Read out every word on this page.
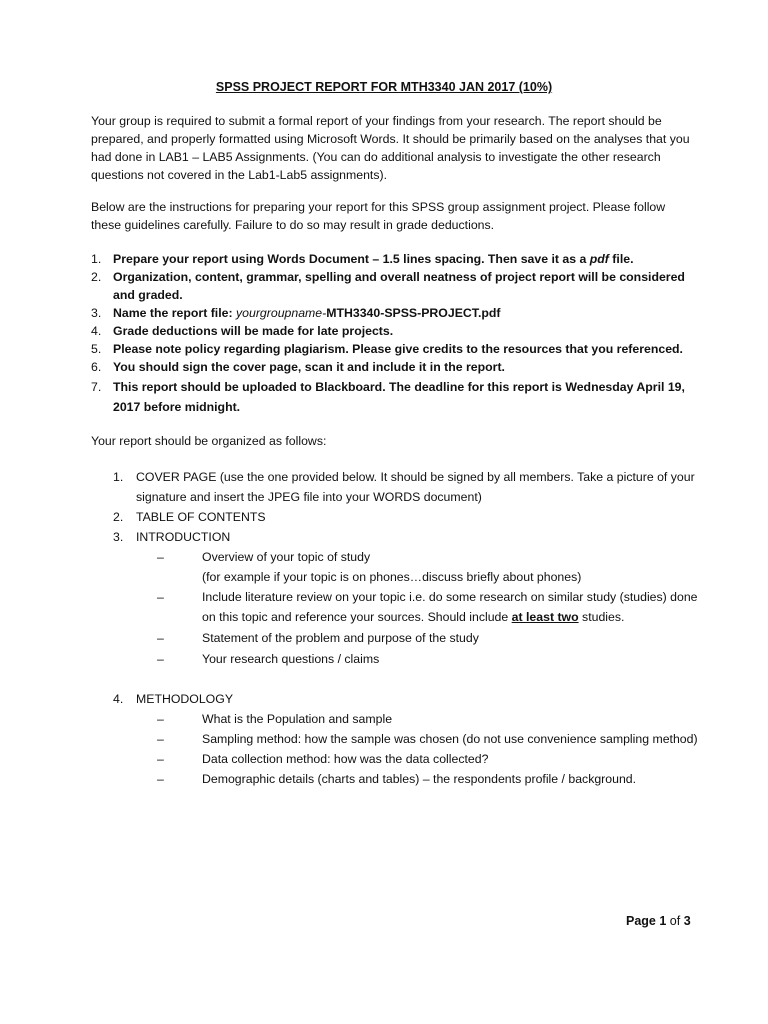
SPSS PROJECT REPORT FOR MTH3340 JAN 2017 (10%)

Your group is required to submit a formal report of your findings from your research. The report should be prepared, and properly formatted using Microsoft Words. It should be primarily based on the analyses that you had done in LAB1 – LAB5 Assignments. (You can do additional analysis to investigate the other research questions not covered in the Lab1-Lab5 assignments).

Below are the instructions for preparing your report for this SPSS group assignment project. Please follow these guidelines carefully. Failure to do so may result in grade deductions.

1. Prepare your report using Words Document – 1.5 lines spacing. Then save it as a pdf file.
2. Organization, content, grammar, spelling and overall neatness of project report will be considered and graded.
3. Name the report file: yourgroupname-MTH3340-SPSS-PROJECT.pdf
4. Grade deductions will be made for late projects.
5. Please note policy regarding plagiarism. Please give credits to the resources that you referenced.
6. You should sign the cover page, scan it and include it in the report.
7. This report should be uploaded to Blackboard. The deadline for this report is Wednesday April 19, 2017 before midnight.

Your report should be organized as follows:

1. COVER PAGE (use the one provided below. It should be signed by all members. Take a picture of your signature and insert the JPEG file into your WORDS document)
2. TABLE OF CONTENTS
3. INTRODUCTION
–	Overview of your topic of study
(for example if your topic is on phones…discuss briefly about phones)
–	Include literature review on your topic i.e. do some research on similar study (studies) done on this topic and reference your sources. Should include at least two studies.
–	Statement of the problem and purpose of the study
–	Your research questions / claims
4. METHODOLOGY
–	What is the Population and sample
–	Sampling method: how the sample was chosen (do not use convenience sampling method)
–	Data collection method: how was the data collected?
–	Demographic details (charts and tables) – the respondents profile / background.
Page 1 of 3
